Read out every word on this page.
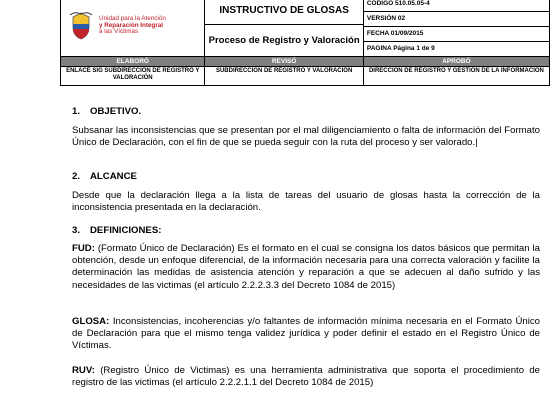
Unidad para la Atención
y Reparación Integral
a las Víctimas	INSTRUCTIVO DE GLOSAS
Proceso de Registro y Valoración	CÓDIGO 510.05.05-4
VERSIÓN 02
FECHA 01/09/2015
PAGINA Página 1 de 9

ELABORÓ	REVISÓ	APROBÓ
ENLACE SIG SUBDIRECCIÓN DE REGISTRO Y VALORACIÓN	SUBDIRECCIÓN DE REGISTRO Y VALORACIÓN	DIRECCIÓN DE REGISTRO Y GESTIÓN DE LA INFORMACIÓN
1. OBJETIVO.
Subsanar las inconsistencias que se presentan por el mal diligenciamiento o falta de información del Formato Único de Declaración, con el fin de que se pueda seguir con la ruta del proceso y ser valorado.|
2. ALCANCE
Desde que la declaración llega a la lista de tareas del usuario de glosas hasta la corrección de la inconsistencia presentada en la declaración.
3. DEFINICIONES:
FUD: (Formato Único de Declaración) Es el formato en el cual se consigna los datos básicos que permitan la obtención, desde un enfoque diferencial, de la información necesaria para una correcta valoración y facilite la determinación las medidas de asistencia atención y reparación a que se adecuen al daño sufrido y las necesidades de las victimas (el artículo 2.2.2.3.3 del Decreto 1084 de 2015)
GLOSA: Inconsistencias, incoherencias y/o faltantes de información mínima necesaria en el Formato Único de Declaración para que el mismo tenga validez jurídica y poder definir el estado en el Registro Único de Víctimas.
RUV: (Registro Único de Victimas) es una herramienta administrativa que soporta el procedimiento de registro de las victimas (el artículo 2.2.2.1.1 del Decreto 1084 de 2015)
